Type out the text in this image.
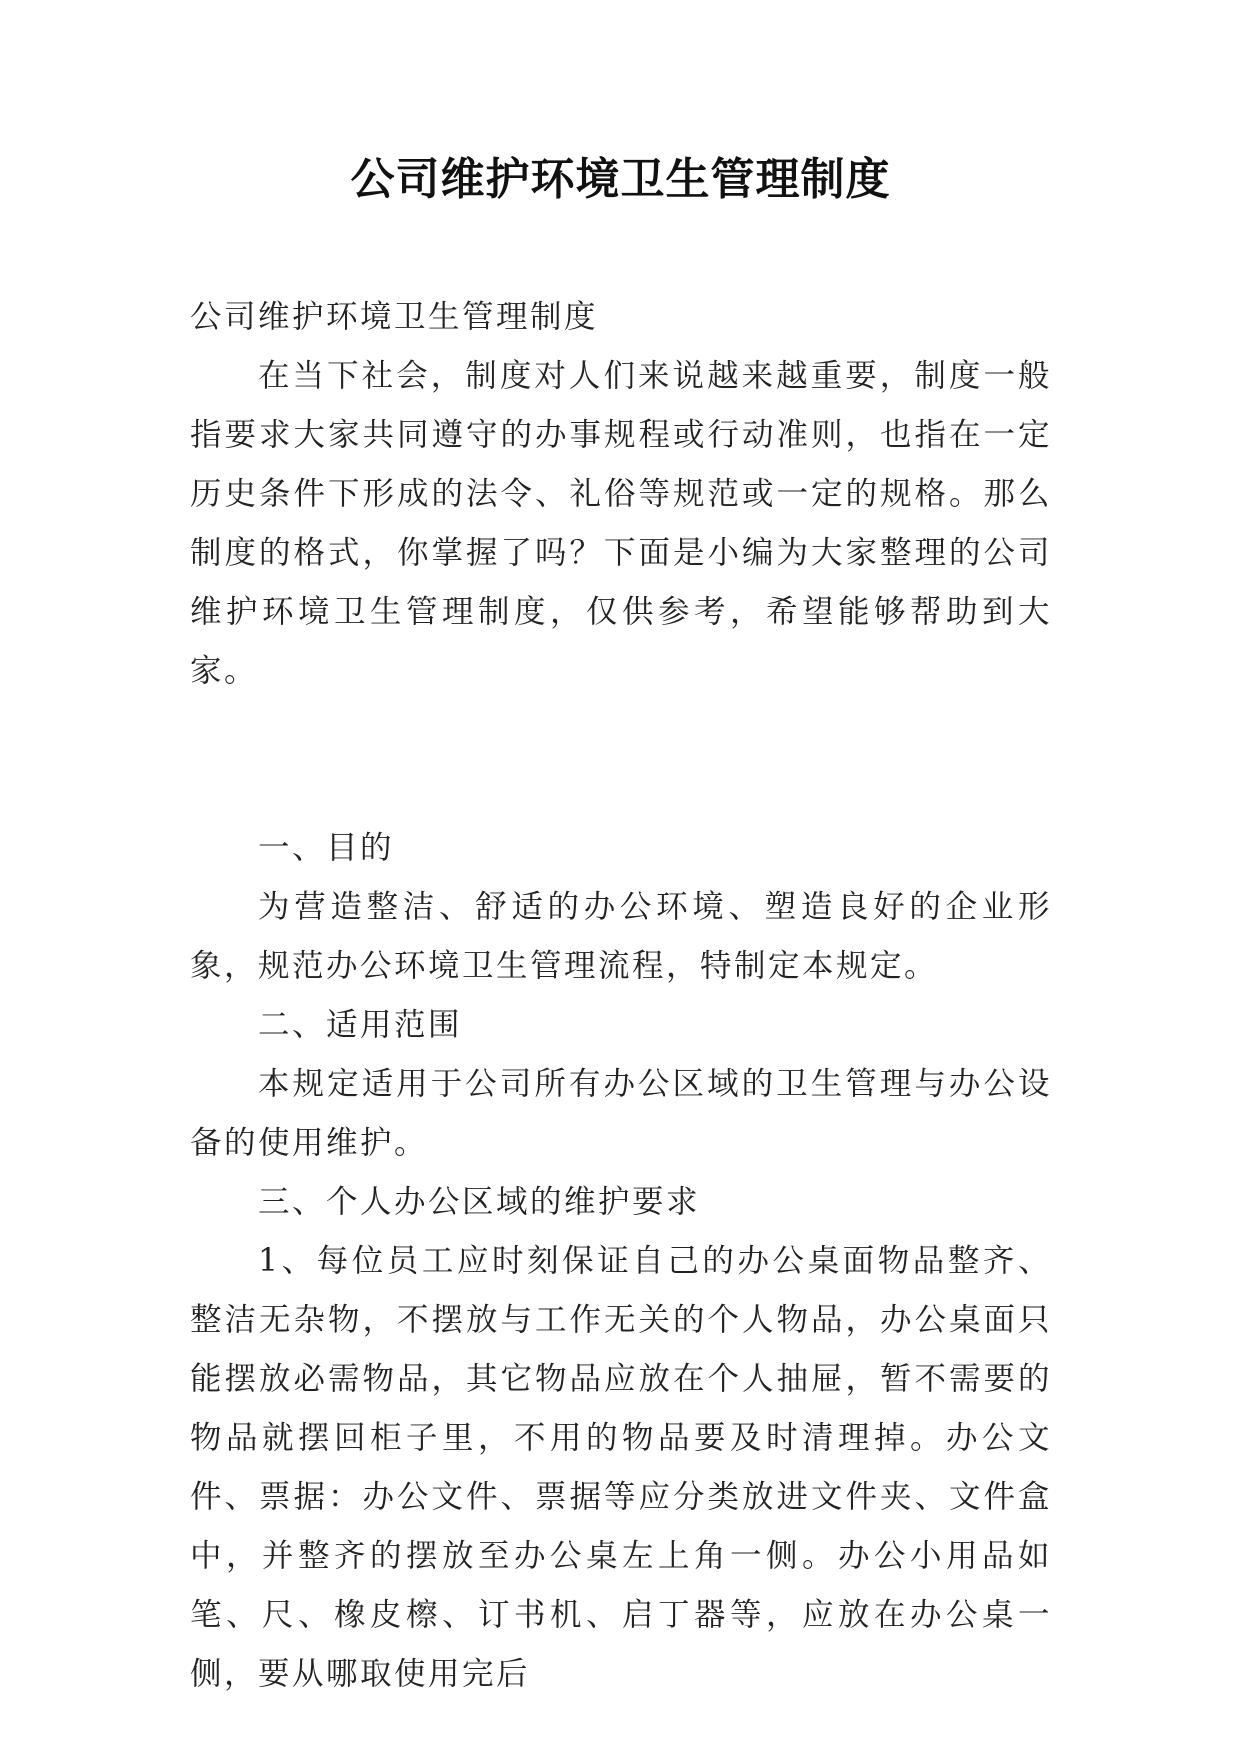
公司维护环境卫生管理制度

公司维护环境卫生管理制度

在当下社会，制度对人们来说越来越重要，制度一般指要求大家共同遵守的办事规程或行动准则，也指在一定历史条件下形成的法令、礼俗等规范或一定的规格。那么制度的格式，你掌握了吗？下面是小编为大家整理的公司维护环境卫生管理制度，仅供参考，希望能够帮助到大家。

一、目的

为营造整洁、舒适的办公环境、塑造良好的企业形象，规范办公环境卫生管理流程，特制定本规定。

二、适用范围

本规定适用于公司所有办公区域的卫生管理与办公设备的使用维护。

三、个人办公区域的维护要求

1、每位员工应时刻保证自己的办公桌面物品整齐、整洁无杂物，不摆放与工作无关的个人物品，办公桌面只能摆放必需物品，其它物品应放在个人抽屉，暂不需要的物品就摆回柜子里，不用的物品要及时清理掉。办公文件、票据：办公文件、票据等应分类放进文件夹、文件盒中，并整齐的摆放至办公桌左上角一侧。办公小用品如笔、尺、橡皮檫、订书机、启丁器等，应放在办公桌一侧，要从哪取使用完后
